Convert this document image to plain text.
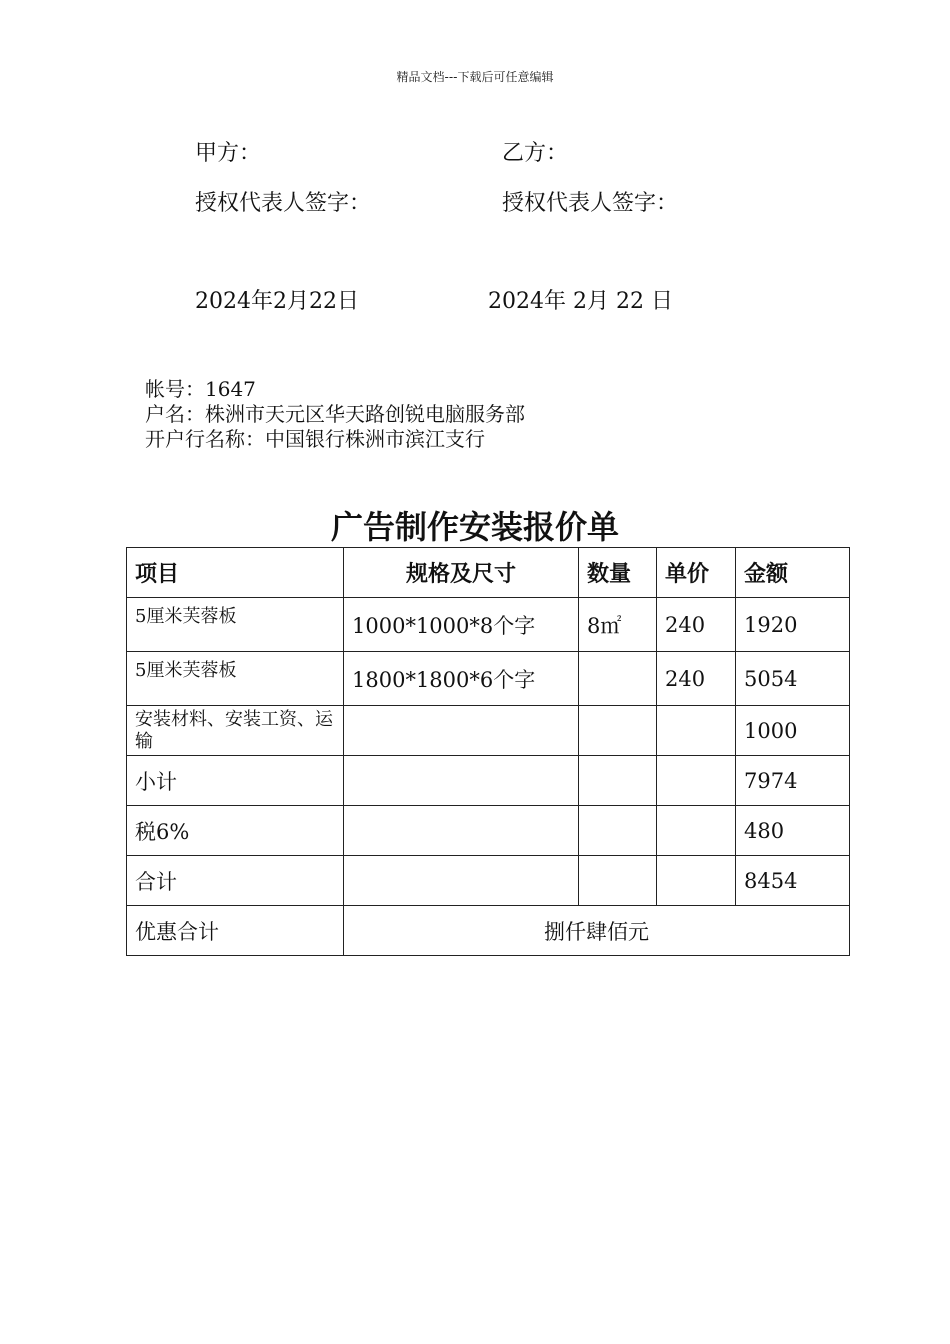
精品文档---下载后可任意编辑
甲方：	乙方：
授权代表人签字：	授权代表人签字：
2024年2月22日	2024年 2月 22 日
帐号：1647
户名：株洲市天元区华天路创锐电脑服务部
开户行名称：中国银行株洲市滨江支行
广告制作安装报价单
项目	规格及尺寸	数量	单价	金额
5厘米芙蓉板	1000*1000*8个字	8㎡	240	1920
5厘米芙蓉板	1800*1800*6个字		240	5054
安装材料、安装工资、运输				1000
小计				7974
税6%				480
合计				8454
优惠合计	捌仟肆佰元			
